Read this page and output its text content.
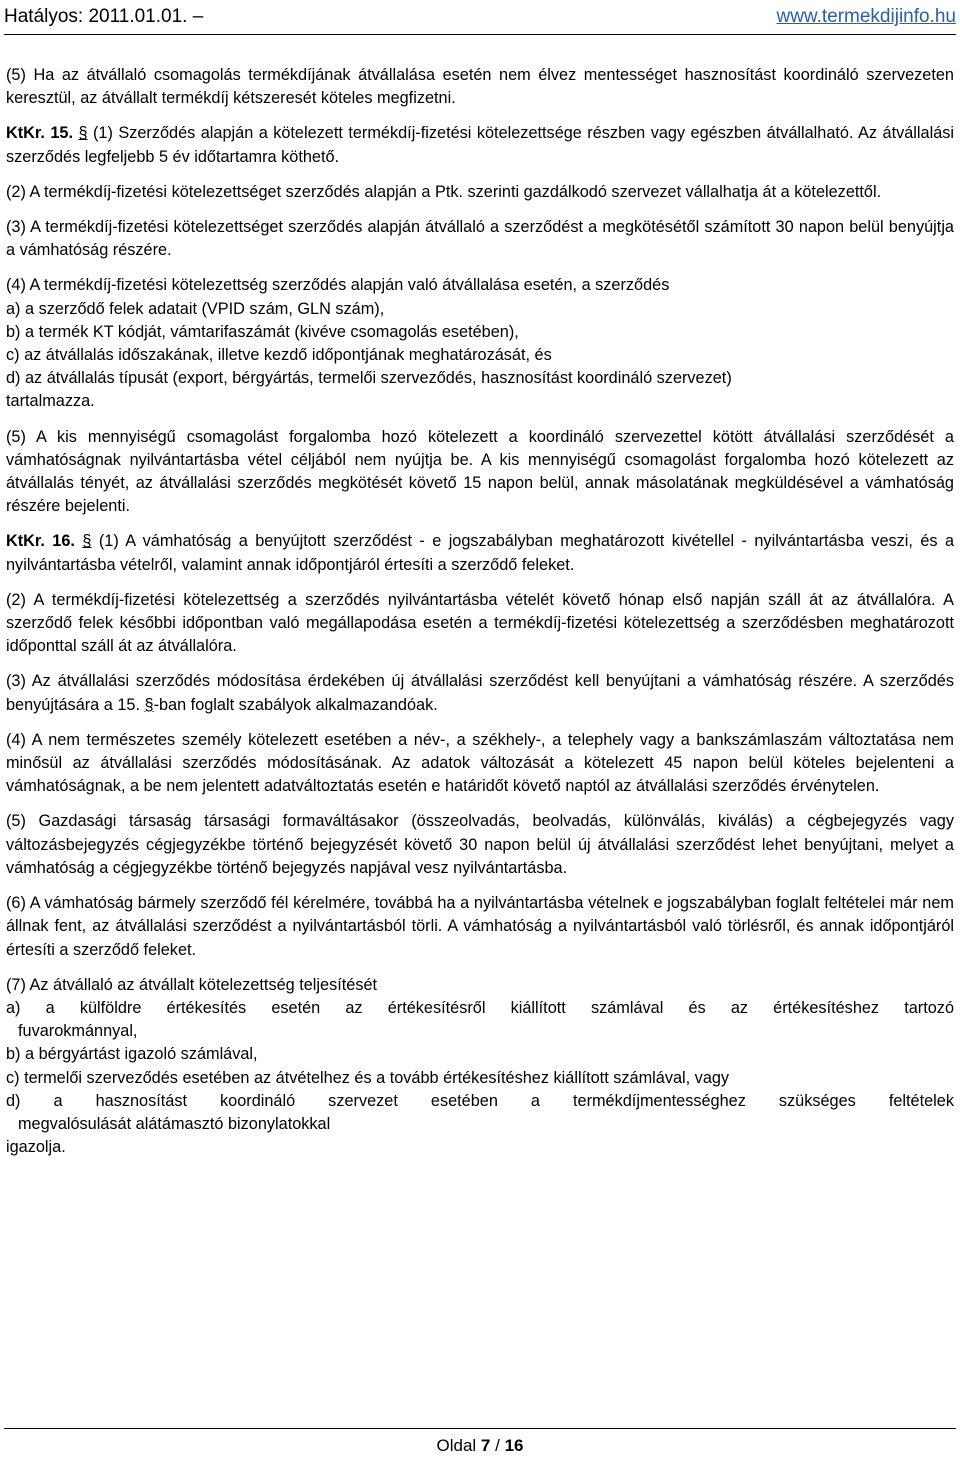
Hatályos: 2011.01.01. –	www.termekdijinfo.hu

(5) Ha az átvállaló csomagolás termékdíjának átvállalása esetén nem élvez mentességet hasznosítást koordináló szervezeten keresztül, az átvállalt termékdíj kétszeresét köteles megfizetni.

KtKr. 15. § (1) Szerződés alapján a kötelezett termékdíj-fizetési kötelezettsége részben vagy egészben átvállalható. Az átvállalási szerződés legfeljebb 5 év időtartamra köthető.

(2) A termékdíj-fizetési kötelezettséget szerződés alapján a Ptk. szerinti gazdálkodó szervezet vállalhatja át a kötelezettől.

(3) A termékdíj-fizetési kötelezettséget szerződés alapján átvállaló a szerződést a megkötésétől számított 30 napon belül benyújtja a vámhatóság részére.

(4) A termékdíj-fizetési kötelezettség szerződés alapján való átvállalása esetén, a szerződés

a) a szerződő felek adatait (VPID szám, GLN szám),

b) a termék KT kódját, vámtarifaszámát (kivéve csomagolás esetében),

c) az átvállalás időszakának, illetve kezdő időpontjának meghatározását, és

d) az átvállalás típusát (export, bérgyártás, termelői szerveződés, hasznosítást koordináló szervezet)

tartalmazza.

(5) A kis mennyiségű csomagolást forgalomba hozó kötelezett a koordináló szervezettel kötött átvállalási szerződését a vámhatóságnak nyilvántartásba vétel céljából nem nyújtja be. A kis mennyiségű csomagolást forgalomba hozó kötelezett az átvállalás tényét, az átvállalási szerződés megkötését követő 15 napon belül, annak másolatának megküldésével a vámhatóság részére bejelenti.

KtKr. 16. § (1) A vámhatóság a benyújtott szerződést - e jogszabályban meghatározott kivétellel - nyilvántartásba veszi, és a nyilvántartásba vételről, valamint annak időpontjáról értesíti a szerződő feleket.

(2) A termékdíj-fizetési kötelezettség a szerződés nyilvántartásba vételét követő hónap első napján száll át az átvállalóra. A szerződő felek későbbi időpontban való megállapodása esetén a termékdíj-fizetési kötelezettség a szerződésben meghatározott időponttal száll át az átvállalóra.

(3) Az átvállalási szerződés módosítása érdekében új átvállalási szerződést kell benyújtani a vámhatóság részére. A szerződés benyújtására a 15. §-ban foglalt szabályok alkalmazandóak.

(4) A nem természetes személy kötelezett esetében a név-, a székhely-, a telephely vagy a bankszámlaszám változtatása nem minősül az átvállalási szerződés módosításának. Az adatok változását a kötelezett 45 napon belül köteles bejelenteni a vámhatóságnak, a be nem jelentett adatváltoztatás esetén e határidőt követő naptól az átvállalási szerződés érvénytelen.

(5) Gazdasági társaság társasági formaváltásakor (összeolvadás, beolvadás, különválás, kiválás) a cégbejegyzés vagy változásbejegyzés cégjegyzékbe történő bejegyzését követő 30 napon belül új átvállalási szerződést lehet benyújtani, melyet a vámhatóság a cégjegyzékbe történő bejegyzés napjával vesz nyilvántartásba.

(6) A vámhatóság bármely szerződő fél kérelmére, továbbá ha a nyilvántartásba vételnek e jogszabályban foglalt feltételei már nem állnak fent, az átvállalási szerződést a nyilvántartásból törli. A vámhatóság a nyilvántartásból való törlésről, és annak időpontjáról értesíti a szerződő feleket.

(7) Az átvállaló az átvállalt kötelezettség teljesítését

a) a külföldre értékesítés esetén az értékesítésről kiállított számlával és az értékesítéshez tartozó

fuvarokmánnyal,

b) a bérgyártást igazoló számlával,

c) termelői szerveződés esetében az átvételhez és a tovább értékesítéshez kiállított számlával, vagy

d) a hasznosítást koordináló szervezet esetében a termékdíjmentességhez szükséges feltételek

megvalósulását alátámasztó bizonylatokkal

igazolja.

Oldal 7 / 16
